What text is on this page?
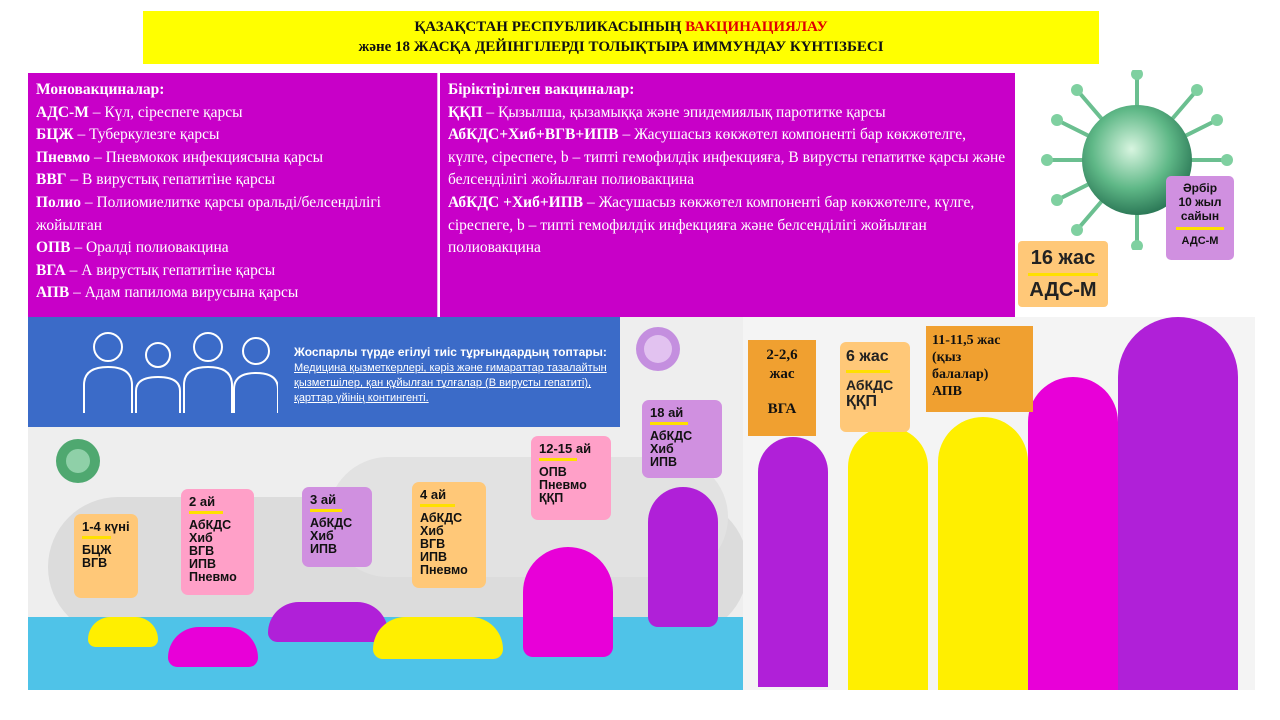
ҚАЗАҚСТАН РЕСПУБЛИКАСЫНЫҢ ВАКЦИНАЦИЯЛАУ
және 18 ЖАСҚА ДЕЙІНГІЛЕРДІ ТОЛЫҚТЫРА ИММУНДАУ КҮНТІЗБЕСІ
Моновакциналар:
АДС-М – Күл, сіреспеге қарсы
БЦЖ – Туберкулезге қарсы
Пневмо – Пневмокок инфекциясына қарсы
ВВГ – В вирустық гепатитіне қарсы
Полио – Полиомиелитке қарсы оральді/белсенділігі жойылған
ОПВ – Оралді полиовакцина
ВГА – А вирустық гепатитіне қарсы
АПВ – Адам папилома вирусына қарсы
Біріктірілген вакциналар:
ҚҚП – Қызылша, қызамыққа және эпидемиялық паротитке қарсы
АбКДС+Хиб+ВГВ+ИПВ – Жасушасыз көкжөтел компоненті бар көкжөтелге, күлге, сіреспеге, b – типті гемофилдік инфекцияға, В вирусты гепатитке қарсы және белсенділігі жойылған полиовакцина
АбКДС +Хиб+ИПВ – Жасушасыз көкжөтел компоненті бар көкжөтелге, күлге, сіреспеге, b – типті гемофилдік инфекцияға және белсенділігі жойылған полиовакцина	16 жас
АДС-М
Әрбір
10 жыл
сайын
АДС-М
Жоспарлы түрде егілуі тиіс тұрғындардың топтары:
Медицина қызметкерлері, кәріз және ғимараттар тазалайтын қызметшілер, қан құйылған тұлғалар (В вирусты гепатиті), қарттар үйінің контингенті.
1-4 күні
БЦЖ
ВГВ
2 ай
АбКДС
Хиб
ВГВ
ИПВ
Пневмо
3 ай
АбКДС
Хиб
ИПВ
4 ай
АбКДС
Хиб
ВГВ
ИПВ
Пневмо
12-15 ай
ОПВ
Пневмо
ҚҚП
18 ай
АбКДС
Хиб
ИПВ
2-2,6
жас
ВГА
6 жас
АбКДС
ҚҚП
11-11,5 жас
(қыз
балалар)
АПВ
